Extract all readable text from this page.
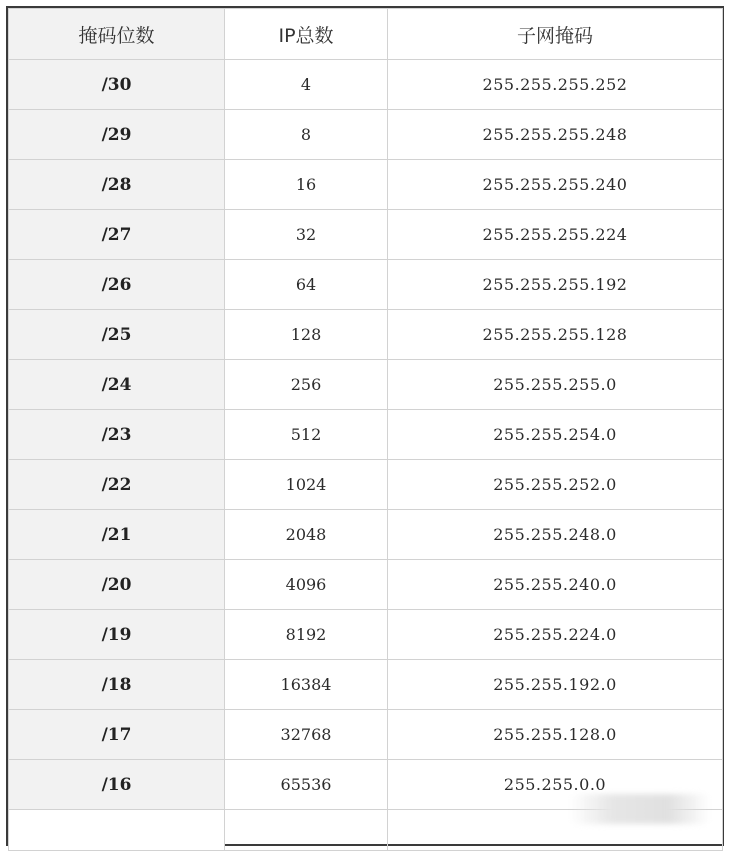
掩码位数	IP总数	子网掩码
/30	4	255.255.255.252
/29	8	255.255.255.248
/28	16	255.255.255.240
/27	32	255.255.255.224
/26	64	255.255.255.192
/25	128	255.255.255.128
/24	256	255.255.255.0
/23	512	255.255.254.0
/22	1024	255.255.252.0
/21	2048	255.255.248.0
/20	4096	255.255.240.0
/19	8192	255.255.224.0
/18	16384	255.255.192.0
/17	32768	255.255.128.0
/16	65536	255.255.0.0
